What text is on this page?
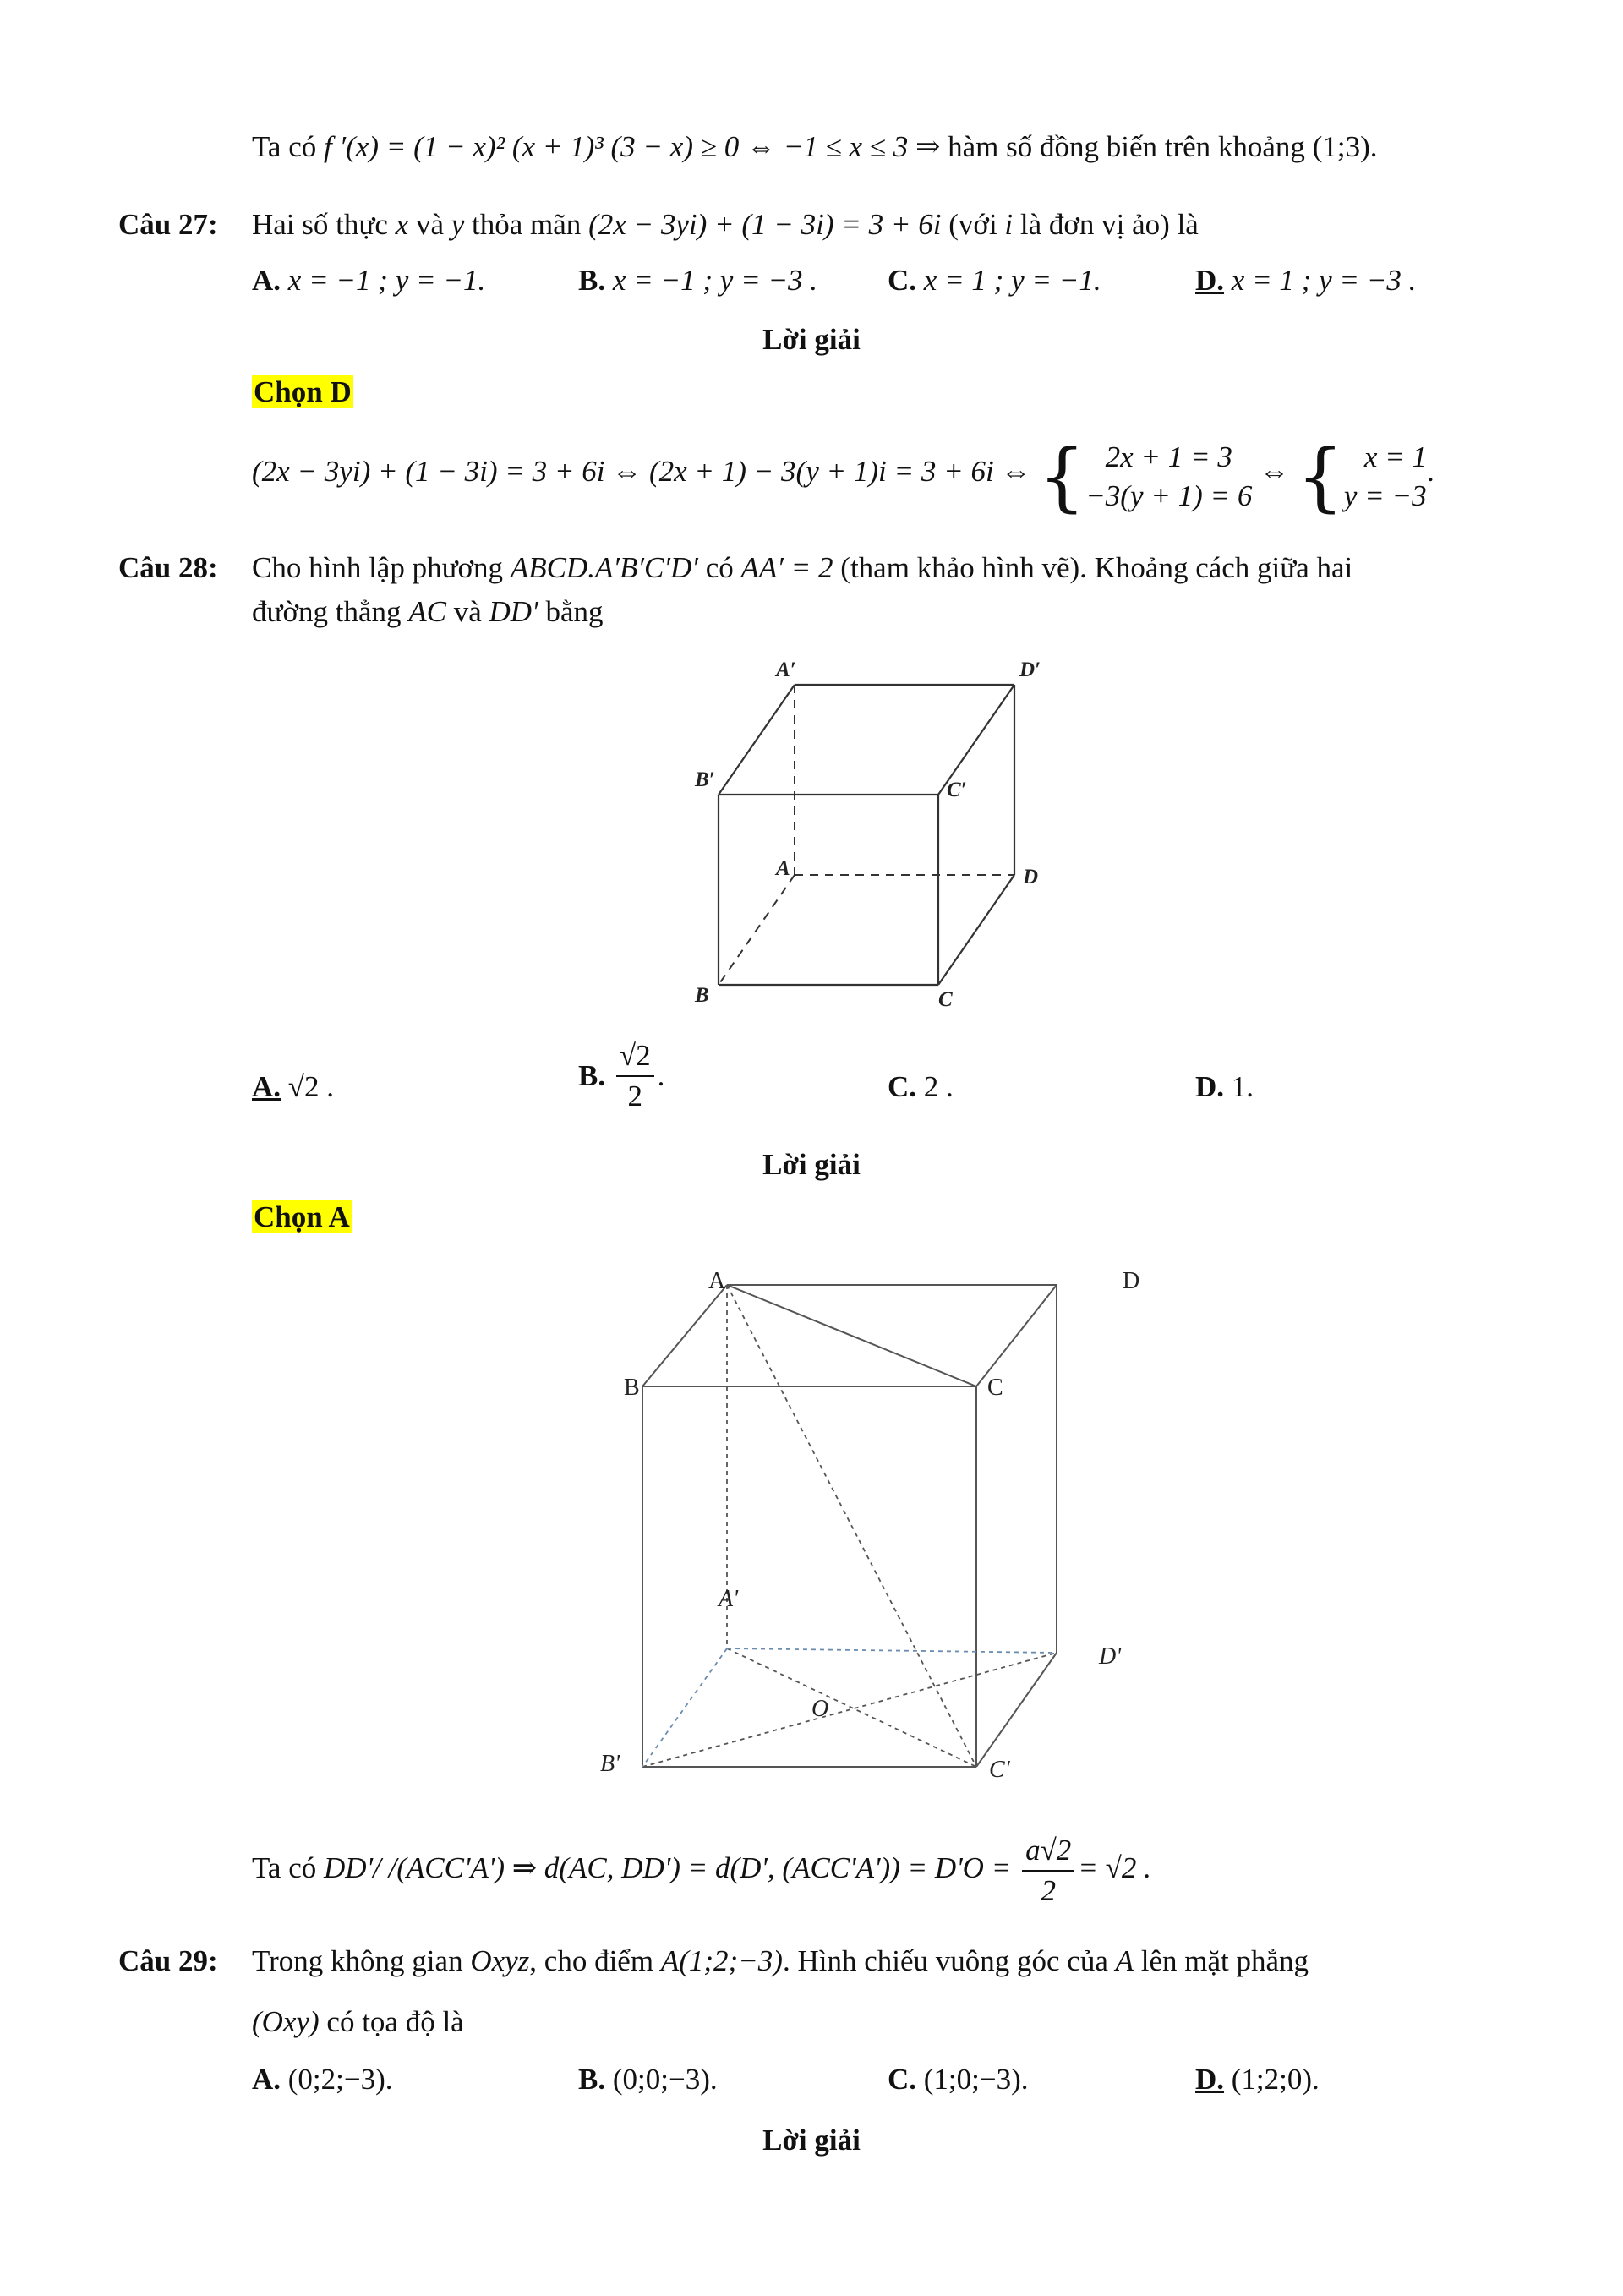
Ta có f ′(x) = (1 − x)² (x + 1)³ (3 − x) ≥ 0 ⇔ −1 ≤ x ≤ 3 ⇒ hàm số đồng biến trên khoảng (1;3).
Câu 27: Hai số thực x và y thỏa mãn (2x − 3yi) + (1 − 3i) = 3 + 6i (với i là đơn vị ảo) là
A. x = −1 ; y = −1.	B. x = −1 ; y = −3 . C. x = 1 ; y = −1.	D. x = 1 ; y = −3 .
Lời giải
Chọn D
(2x − 3yi) + (1 − 3i) = 3 + 6i ⇔ (2x + 1) − 3(y + 1)i = 3 + 6i ⇔ { 2x + 1 = 3
−3(y + 1) = 6
⇔ { x = 1
y = −3
.
Câu 28: Cho hình lập phương ABCD.A′B′C′D′ có AA′ = 2 (tham khảo hình vẽ). Khoảng cách giữa hai
đường thẳng AC và DD′ bằng
A′	D′
B′	C′
A	D
B	C
A. √2 .	B. $\frac{√2}{2}$ .	C. 2 .	D. 1.
Lời giải
Chọn A
A	D
B	C
A'
D'
O
B'	C'
Ta có DD'/ /(ACC'A') ⇒ d(AC, DD') = d(D', $(ACC'A')) = D'O = \frac{a√2}{2} = √2$ .
Câu 29: Trong không gian Oxyz, cho điểm A(1;2;−3). Hình chiếu vuông góc của A lên mặt phẳng
(Oxy) có tọa độ là
A. (0;2;−3).	B. (0;0;−3).	C. (1;0;−3).	D. (1;2;0).
Lời giải
